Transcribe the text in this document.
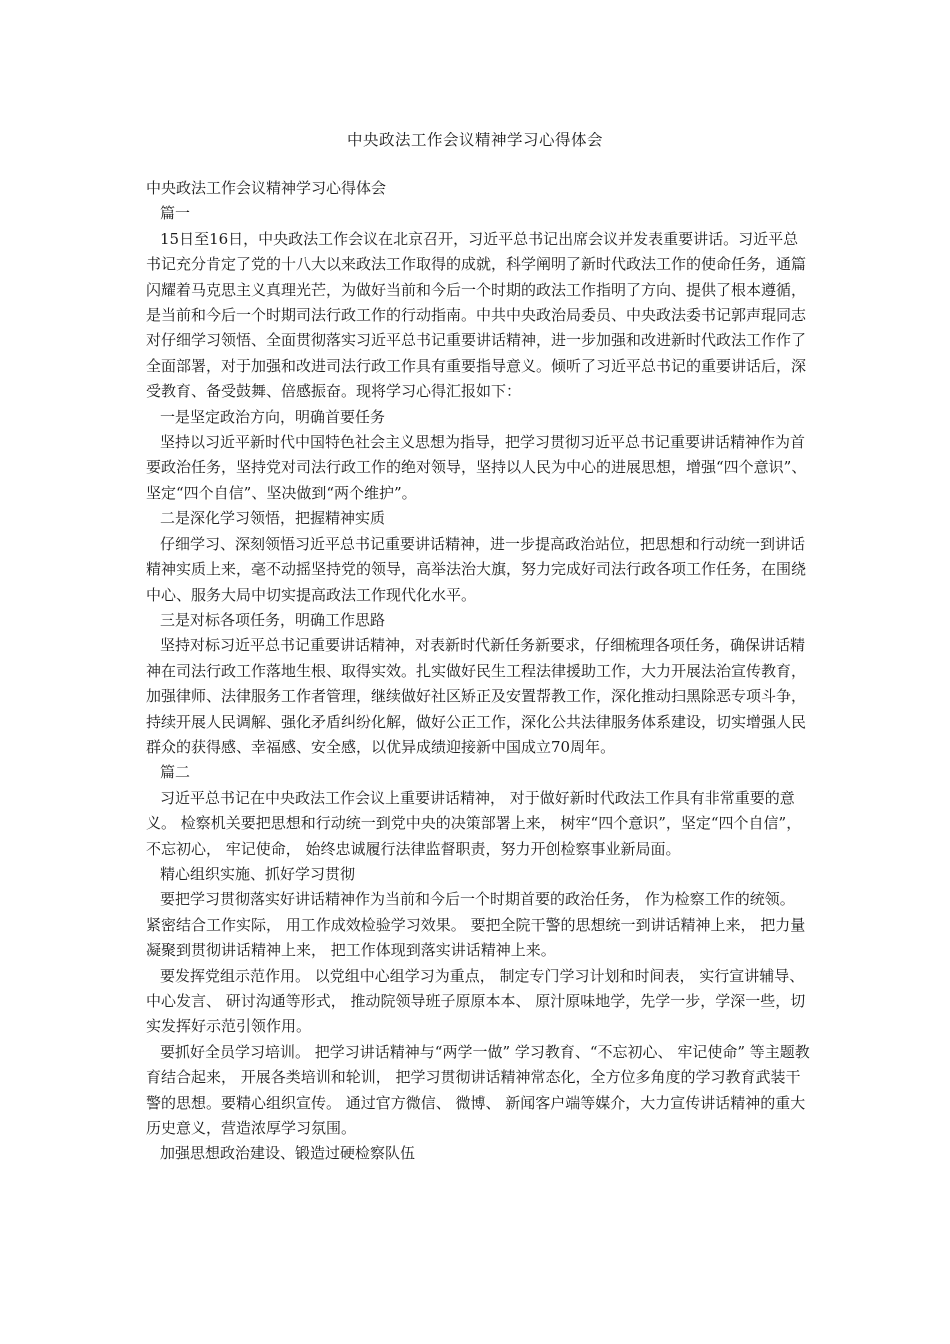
中央政法工作会议精神学习心得体会

中央政法工作会议精神学习心得体会

篇一

15日至16日，中央政法工作会议在北京召开，习近平总书记出席会议并发表重要讲话。习近平总书记充分肯定了党的十八大以来政法工作取得的成就，科学阐明了新时代政法工作的使命任务，通篇闪耀着马克思主义真理光芒，为做好当前和今后一个时期的政法工作指明了方向、提供了根本遵循，是当前和今后一个时期司法行政工作的行动指南。中共中央政治局委员、中央政法委书记郭声琨同志对仔细学习领悟、全面贯彻落实习近平总书记重要讲话精神，进一步加强和改进新时代政法工作作了全面部署，对于加强和改进司法行政工作具有重要指导意义。倾听了习近平总书记的重要讲话后，深受教育、备受鼓舞、倍感振奋。现将学习心得汇报如下：

一是坚定政治方向，明确首要任务

坚持以习近平新时代中国特色社会主义思想为指导，把学习贯彻习近平总书记重要讲话精神作为首要政治任务，坚持党对司法行政工作的绝对领导，坚持以人民为中心的进展思想，增强“四个意识”、坚定“四个自信”、坚决做到“两个维护”。

二是深化学习领悟，把握精神实质

仔细学习、深刻领悟习近平总书记重要讲话精神，进一步提高政治站位，把思想和行动统一到讲话精神实质上来，毫不动摇坚持党的领导，高举法治大旗，努力完成好司法行政各项工作任务，在围绕中心、服务大局中切实提高政法工作现代化水平。

三是对标各项任务，明确工作思路

坚持对标习近平总书记重要讲话精神，对表新时代新任务新要求，仔细梳理各项任务，确保讲话精神在司法行政工作落地生根、取得实效。扎实做好民生工程法律援助工作，大力开展法治宣传教育，加强律师、法律服务工作者管理，继续做好社区矫正及安置帮教工作，深化推动扫黑除恶专项斗争，持续开展人民调解、强化矛盾纠纷化解，做好公正工作，深化公共法律服务体系建设，切实增强人民群众的获得感、幸福感、安全感，以优异成绩迎接新中国成立70周年。

篇二

习近平总书记在中央政法工作会议上重要讲话精神， 对于做好新时代政法工作具有非常重要的意义。 检察机关要把思想和行动统一到党中央的决策部署上来， 树牢“四个意识”，坚定“四个自信”， 不忘初心， 牢记使命， 始终忠诚履行法律监督职责，努力开创检察事业新局面。

精心组织实施、抓好学习贯彻

要把学习贯彻落实好讲话精神作为当前和今后一个时期首要的政治任务， 作为检察工作的统领。 紧密结合工作实际， 用工作成效检验学习效果。 要把全院干警的思想统一到讲话精神上来， 把力量凝聚到贯彻讲话精神上来， 把工作体现到落实讲话精神上来。

要发挥党组示范作用。 以党组中心组学习为重点， 制定专门学习计划和时间表， 实行宣讲辅导、 中心发言、 研讨沟通等形式， 推动院领导班子原原本本、 原汁原味地学，先学一步，学深一些，切实发挥好示范引领作用。

要抓好全员学习培训。 把学习讲话精神与“两学一做” 学习教育、“不忘初心、 牢记使命” 等主题教育结合起来， 开展各类培训和轮训， 把学习贯彻讲话精神常态化，全方位多角度的学习教育武装干警的思想。要精心组织宣传。 通过官方微信、 微博、 新闻客户端等媒介，大力宣传讲话精神的重大历史意义，营造浓厚学习氛围。

加强思想政治建设、锻造过硬检察队伍
